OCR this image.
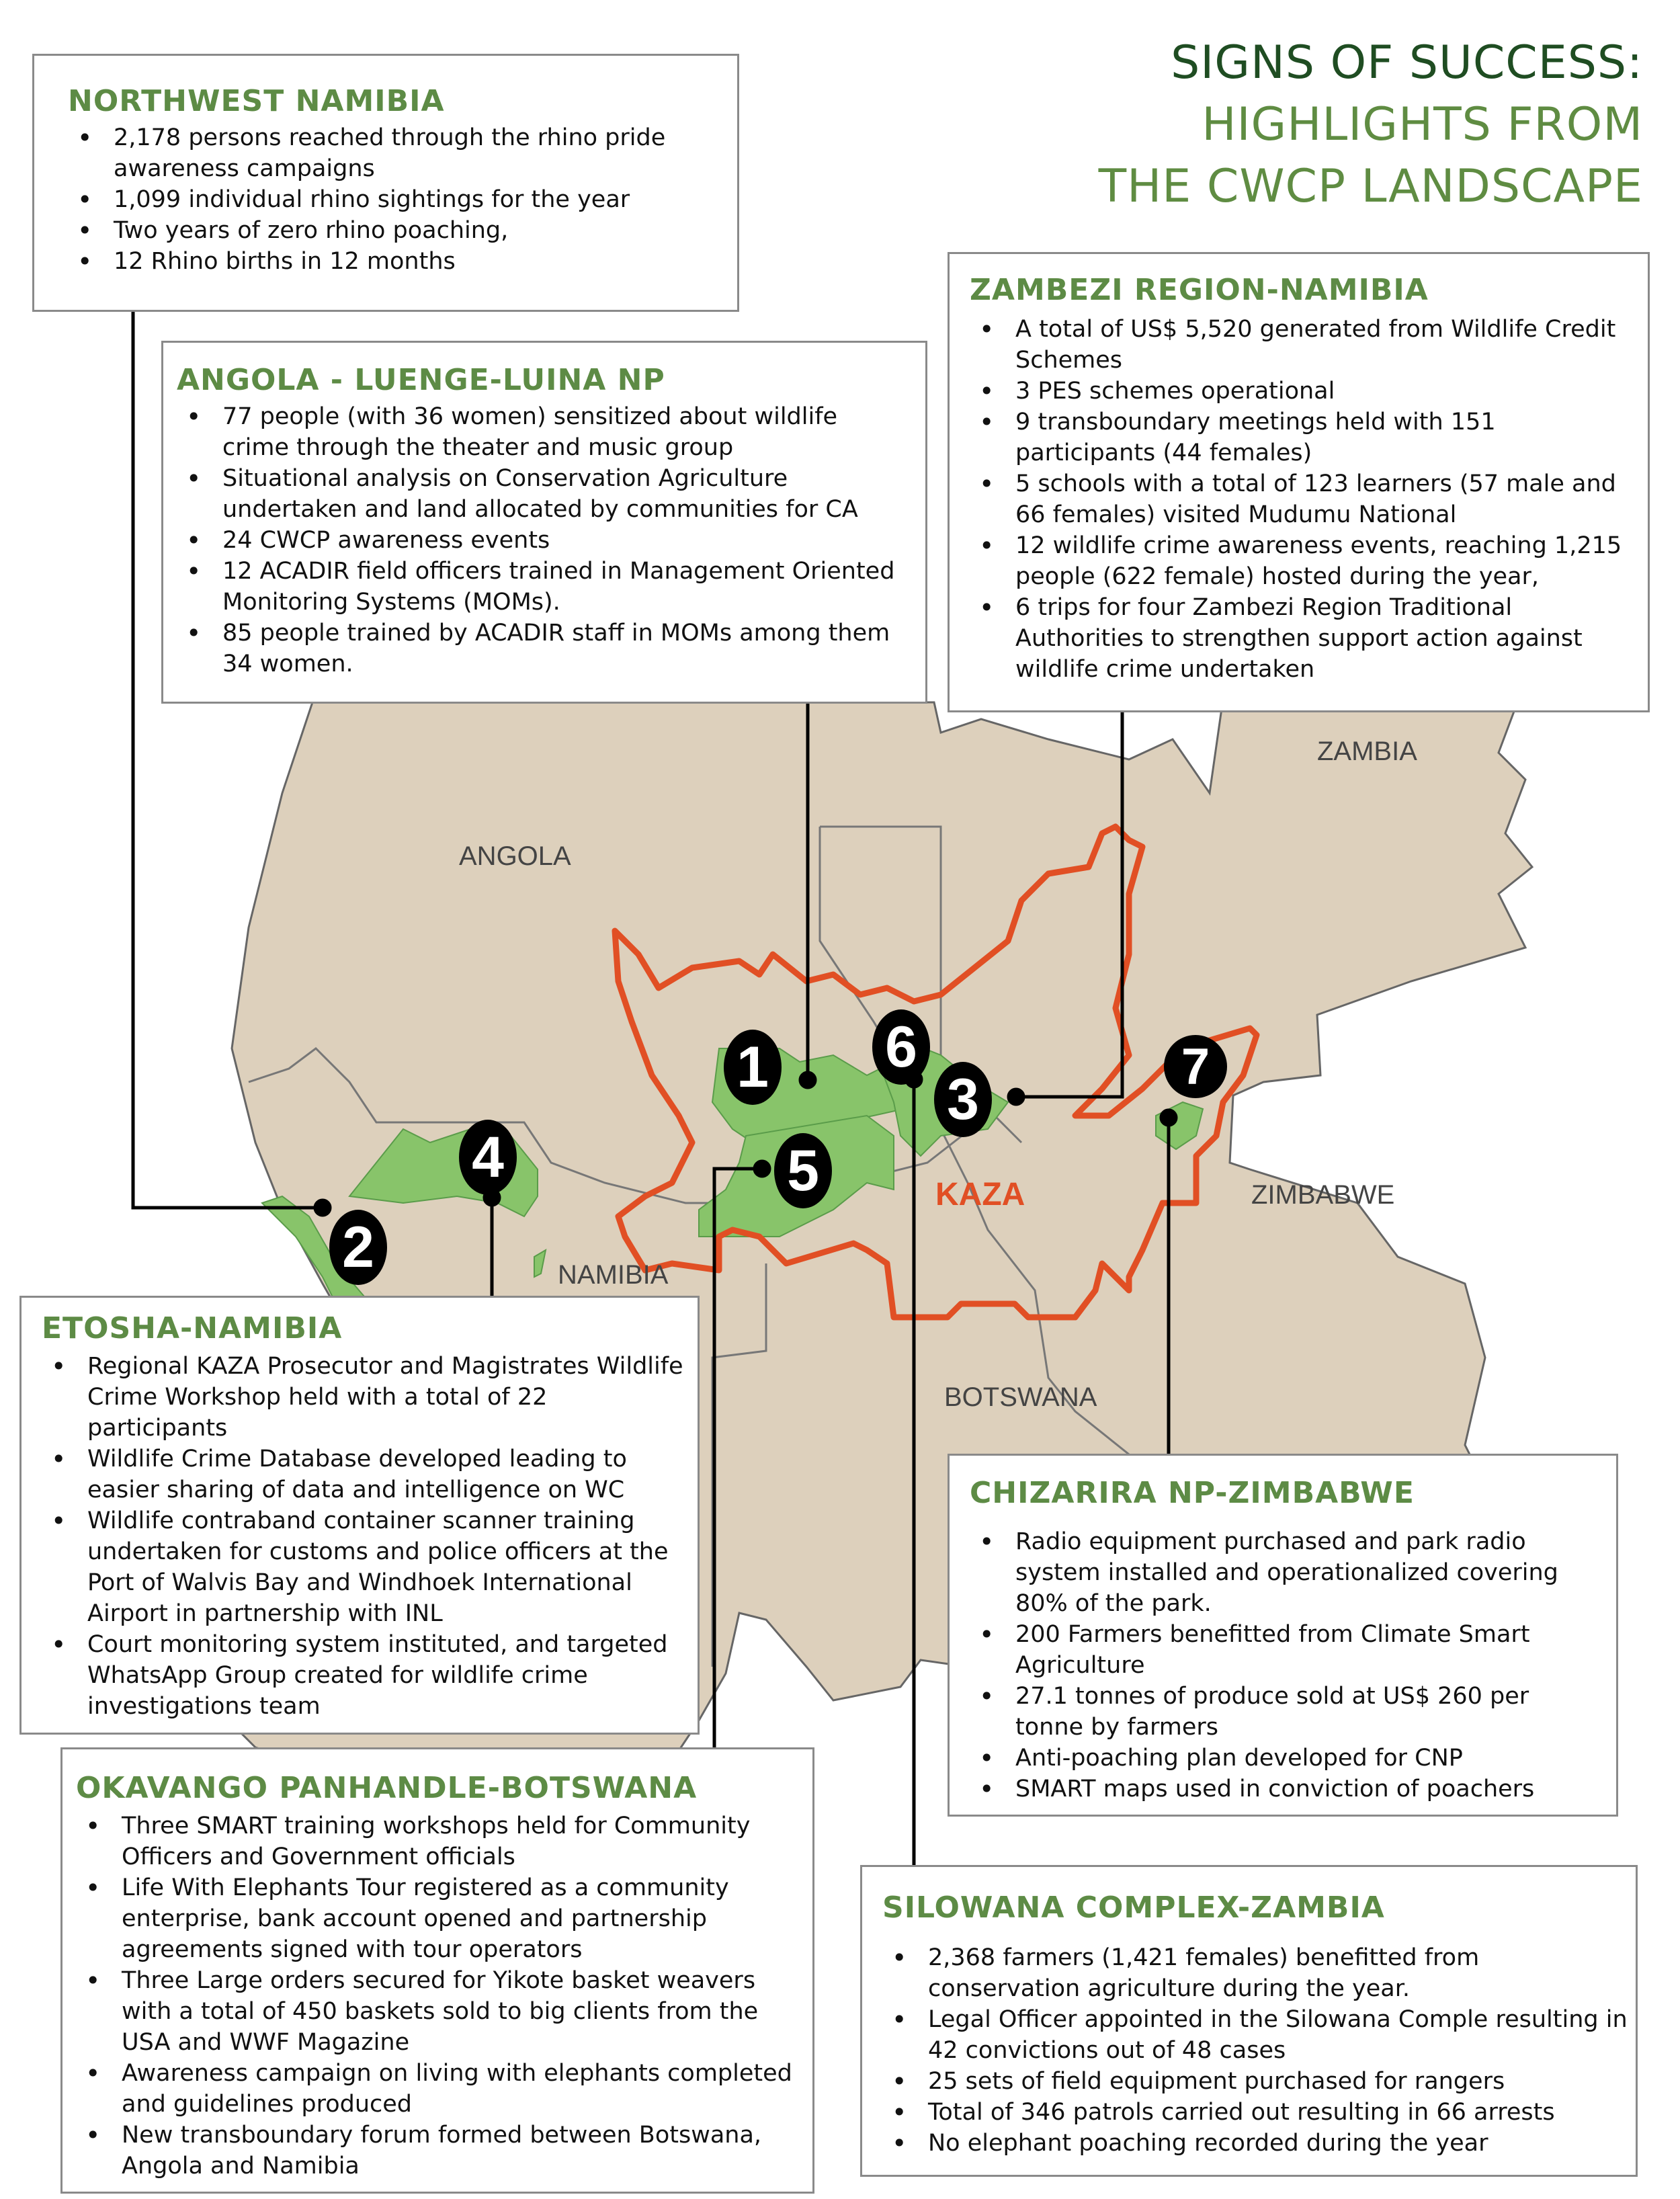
ANGOLA
ZAMBIA
NAMIBIA
BOTSWANA
ZIMBABWE
KAZA
1
2
3
4	5
6	7
SIGNS OF SUCCESS:
HIGHLIGHTS FROM
THE CWCP LANDSCAPE
NORTHWEST NAMIBIA
• 2,178 persons reached through the rhino pride awareness campaigns
• 1,099 individual rhino sightings for the year
• Two years of zero rhino poaching,
• 12 Rhino births in 12 months
ANGOLA - LUENGE-LUINA NP
• 77 people (with 36 women) sensitized about wildlife crime through the theater and music group
• Situational analysis on Conservation Agriculture undertaken and land allocated by communities for CA
• 24 CWCP awareness events
• 12 ACADIR field officers trained in Management Oriented Monitoring Systems (MOMs).
• 85 people trained by ACADIR staff in MOMs among them 34 women.
ZAMBEZI REGION-NAMIBIA
• A total of US$ 5,520 generated from Wildlife Credit Schemes
• 3 PES schemes operational
• 9 transboundary meetings held with 151 participants (44 females)
• 5 schools with a total of 123 learners (57 male and 66 females) visited Mudumu National
• 12 wildlife crime awareness events, reaching 1,215 people (622 female) hosted during the year,
• 6 trips for four Zambezi Region Traditional Authorities to strengthen support action against wildlife crime undertaken
ETOSHA-NAMIBIA
• Regional KAZA Prosecutor and Magistrates Wildlife Crime Workshop held with a total of 22 participants
• Wildlife Crime Database developed leading to easier sharing of data and intelligence on WC
• Wildlife contraband container scanner training undertaken for customs and police officers at the Port of Walvis Bay and Windhoek International Airport in partnership with INL
• Court monitoring system instituted, and targeted WhatsApp Group created for wildlife crime investigations team
CHIZARIRA NP-ZIMBABWE
• Radio equipment purchased and park radio system installed and operationalized covering 80% of the park.
• 200 Farmers benefitted from Climate Smart Agriculture
• 27.1 tonnes of produce sold at US$ 260 per tonne by farmers
• Anti-poaching plan developed for CNP
• SMART maps used in conviction of poachers
OKAVANGO PANHANDLE-BOTSWANA
• Three SMART training workshops held for Community Officers and Government officials
• Life With Elephants Tour registered as a community enterprise, bank account opened and partnership agreements signed with tour operators
• Three Large orders secured for Yikote basket weavers with a total of 450 baskets sold to big clients from the USA and WWF Magazine
• Awareness campaign on living with elephants completed and guidelines produced
• New transboundary forum formed between Botswana, Angola and Namibia
SILOWANA COMPLEX-ZAMBIA
• 2,368 farmers (1,421 females) benefitted from conservation agriculture during the year.
• Legal Officer appointed in the Silowana Comple resulting in 42 convictions out of 48 cases
• 25 sets of field equipment purchased for rangers
• Total of 346 patrols carried out resulting in 66 arrests
• No elephant poaching recorded during the year
